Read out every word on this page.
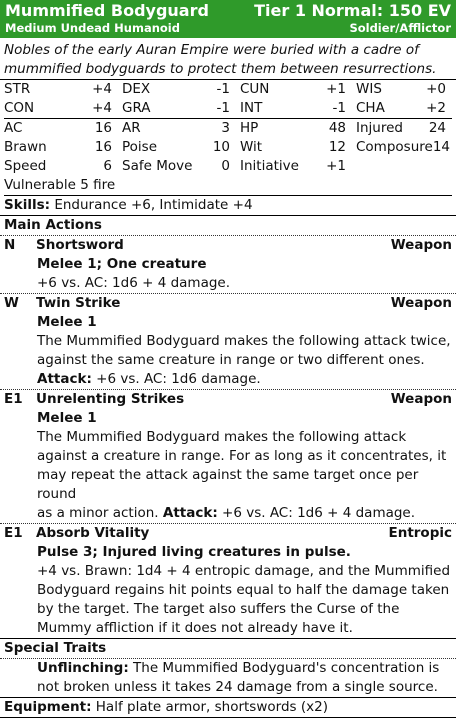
Mummified Bodyguard	Tier 1 Normal: 150 EV
Medium Undead Humanoid	Soldier/Afflictor
Nobles of the early Auran Empire were buried with a cadre of mummified bodyguards to protect them between resurrections.
STR	+4 DEX	-1 CUN	+1 WIS	+0
CON	+4 GRA	-1 INT	-1 CHA	+2
AC	16 AR	3 HP	48 Injured 24
Brawn	16 Poise	10 Wit	12 Composure 14
Speed	6 Safe Move 0 Initiative +1
Vulnerable 5 fire
Skills: Endurance +6, Intimidate +4
Main Actions
N Shortsword	Weapon
Melee 1; One creature
+6 vs. AC: 1d6 + 4 damage.
W Twin Strike	Weapon
Melee 1
The Mummified Bodyguard makes the following attack twice,
against the same creature in range or two different ones.
Attack: +6 vs. AC: 1d6 damage.
E1 Unrelenting Strikes	Weapon
Melee 1
The Mummified Bodyguard makes the following attack
against a creature in range. For as long as it concentrates, it
may repeat the attack against the same target once per round
as a minor action. Attack: +6 vs. AC: 1d6 + 4 damage.
E1 Absorb Vitality	Entropic
Pulse 3; Injured living creatures in pulse.
+4 vs. Brawn: 1d4 + 4 entropic damage, and the Mummified
Bodyguard regains hit points equal to half the damage taken
by the target. The target also suffers the Curse of the
Mummy affliction if it does not already have it.
Special Traits
Unflinching: The Mummified Bodyguard's concentration is
not broken unless it takes 24 damage from a single source.
Equipment: Half plate armor, shortswords (x2)
